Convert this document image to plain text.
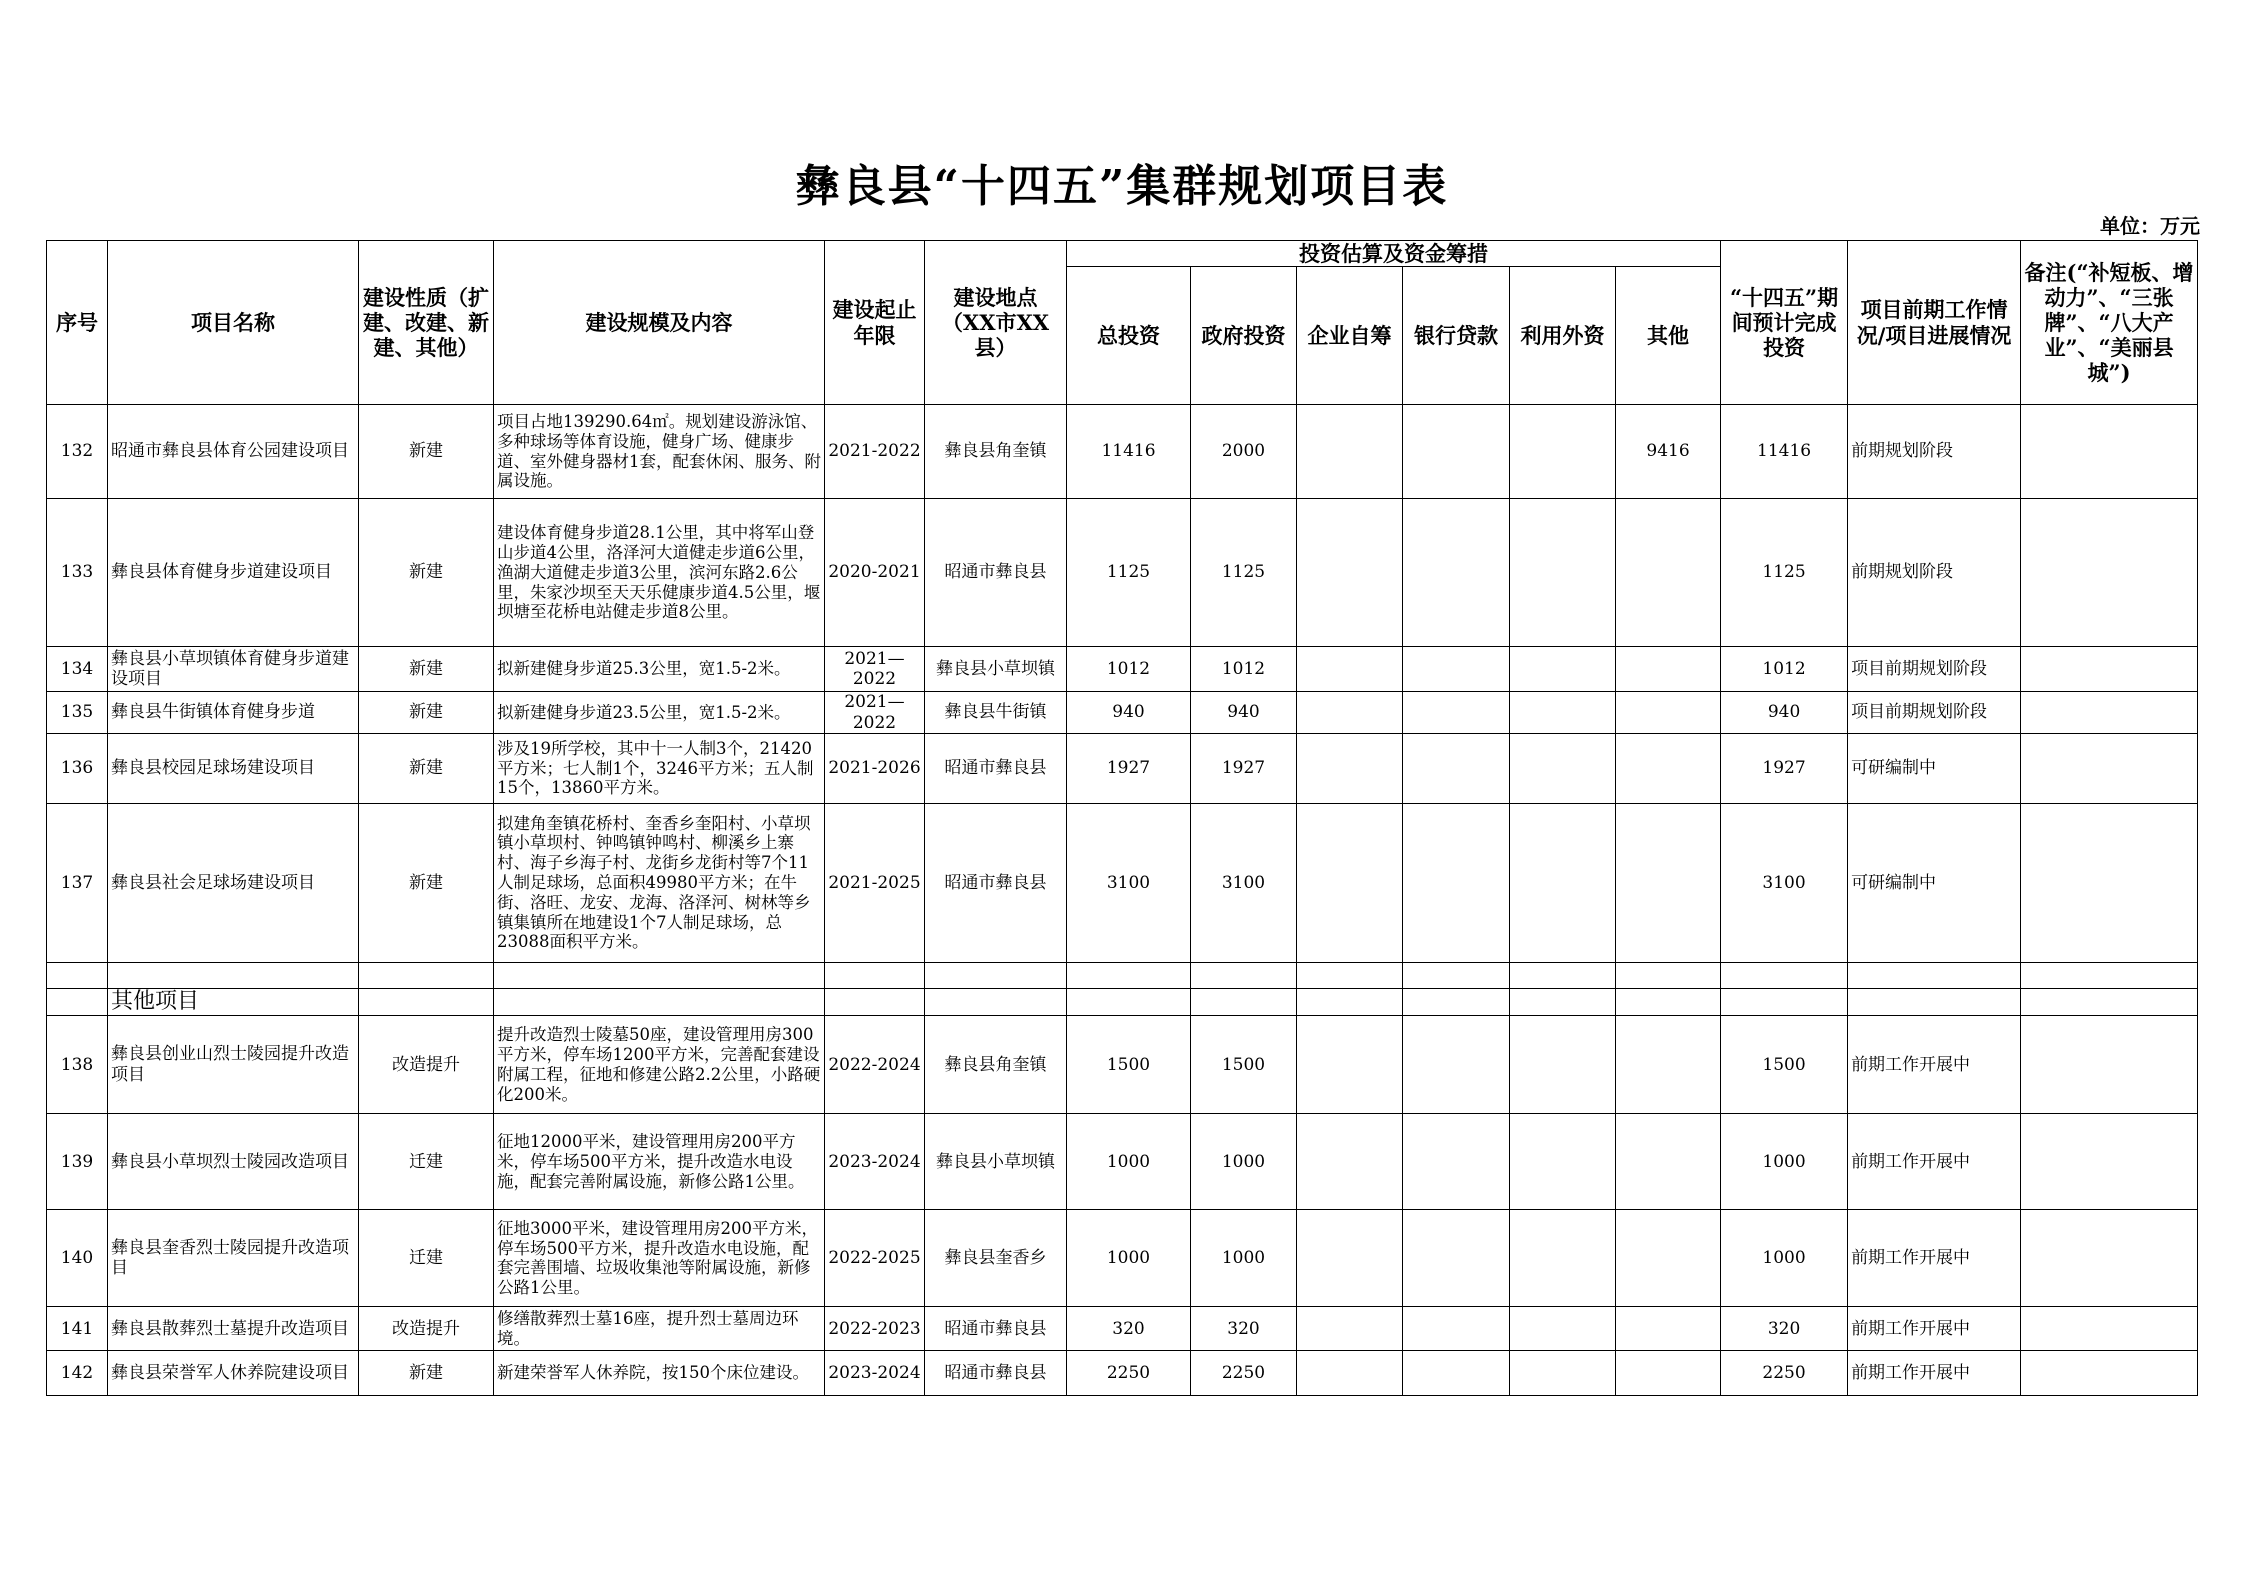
彝良县“十四五”集群规划项目表
单位：万元
序号	项目名称	建设性质（扩建、改建、新建、其他）	建设规模及内容	建设起止年限	建设地点（XX市XX县）	投资估算及资金筹措						“十四五”期间预计完成投资	项目前期工作情况/项目进展情况	备注(“补短板、增动力”、“三张牌”、“八大产业”、“美丽县城”)
						总投资	政府投资	企业自筹	银行贷款	利用外资	其他			
132	昭通市彝良县体育公园建设项目	新建	项目占地139290.64㎡。规划建设游泳馆、多种球场等体育设施，健身广场、健康步道、室外健身器材1套，配套休闲、服务、附属设施。	2021-2022	彝良县角奎镇	11416	2000				9416	11416	前期规划阶段	
133	彝良县体育健身步道建设项目	新建	建设体育健身步道28.1公里，其中将军山登山步道4公里，洛泽河大道健走步道6公里，渔湖大道健走步道3公里，滨河东路2.6公里，朱家沙坝至天天乐健康步道4.5公里，堰坝塘至花桥电站健走步道8公里。	2020-2021	昭通市彝良县	1125	1125					1125	前期规划阶段	
134	彝良县小草坝镇体育健身步道建设项目	新建	拟新建健身步道25.3公里，宽1.5-2米。	2021—2022	彝良县小草坝镇	1012	1012					1012	项目前期规划阶段	
135	彝良县牛街镇体育健身步道	新建	拟新建健身步道23.5公里，宽1.5-2米。	2021—2022	彝良县牛街镇	940	940					940	项目前期规划阶段	
136	彝良县校园足球场建设项目	新建	涉及19所学校，其中十一人制3个，21420平方米；七人制1个，3246平方米；五人制15个，13860平方米。	2021-2026	昭通市彝良县	1927	1927					1927	可研编制中	
137	彝良县社会足球场建设项目	新建	拟建角奎镇花桥村、奎香乡奎阳村、小草坝镇小草坝村、钟鸣镇钟鸣村、柳溪乡上寨村、海子乡海子村、龙街乡龙街村等7个11人制足球场，总面积49980平方米；在牛街、洛旺、龙安、龙海、洛泽河、树林等乡镇集镇所在地建设1个7人制足球场，总23088面积平方米。	2021-2025	昭通市彝良县	3100	3100					3100	可研编制中	

	其他项目													
138	彝良县创业山烈士陵园提升改造项目	改造提升	提升改造烈士陵墓50座，建设管理用房300平方米，停车场1200平方米，完善配套建设附属工程，征地和修建公路2.2公里，小路硬化200米。	2022-2024	彝良县角奎镇	1500	1500					1500	前期工作开展中	
139	彝良县小草坝烈士陵园改造项目	迁建	征地12000平米，建设管理用房200平方米，停车场500平方米，提升改造水电设施，配套完善附属设施，新修公路1公里。	2023-2024	彝良县小草坝镇	1000	1000					1000	前期工作开展中	
140	彝良县奎香烈士陵园提升改造项目	迁建	征地3000平米，建设管理用房200平方米，停车场500平方米，提升改造水电设施，配套完善围墙、垃圾收集池等附属设施，新修公路1公里。	2022-2025	彝良县奎香乡	1000	1000					1000	前期工作开展中	
141	彝良县散葬烈士墓提升改造项目	改造提升	修缮散葬烈士墓16座，提升烈士墓周边环境。	2022-2023	昭通市彝良县	320	320					320	前期工作开展中	
142	彝良县荣誉军人休养院建设项目	新建	新建荣誉军人休养院，按150个床位建设。	2023-2024	昭通市彝良县	2250	2250					2250	前期工作开展中	
